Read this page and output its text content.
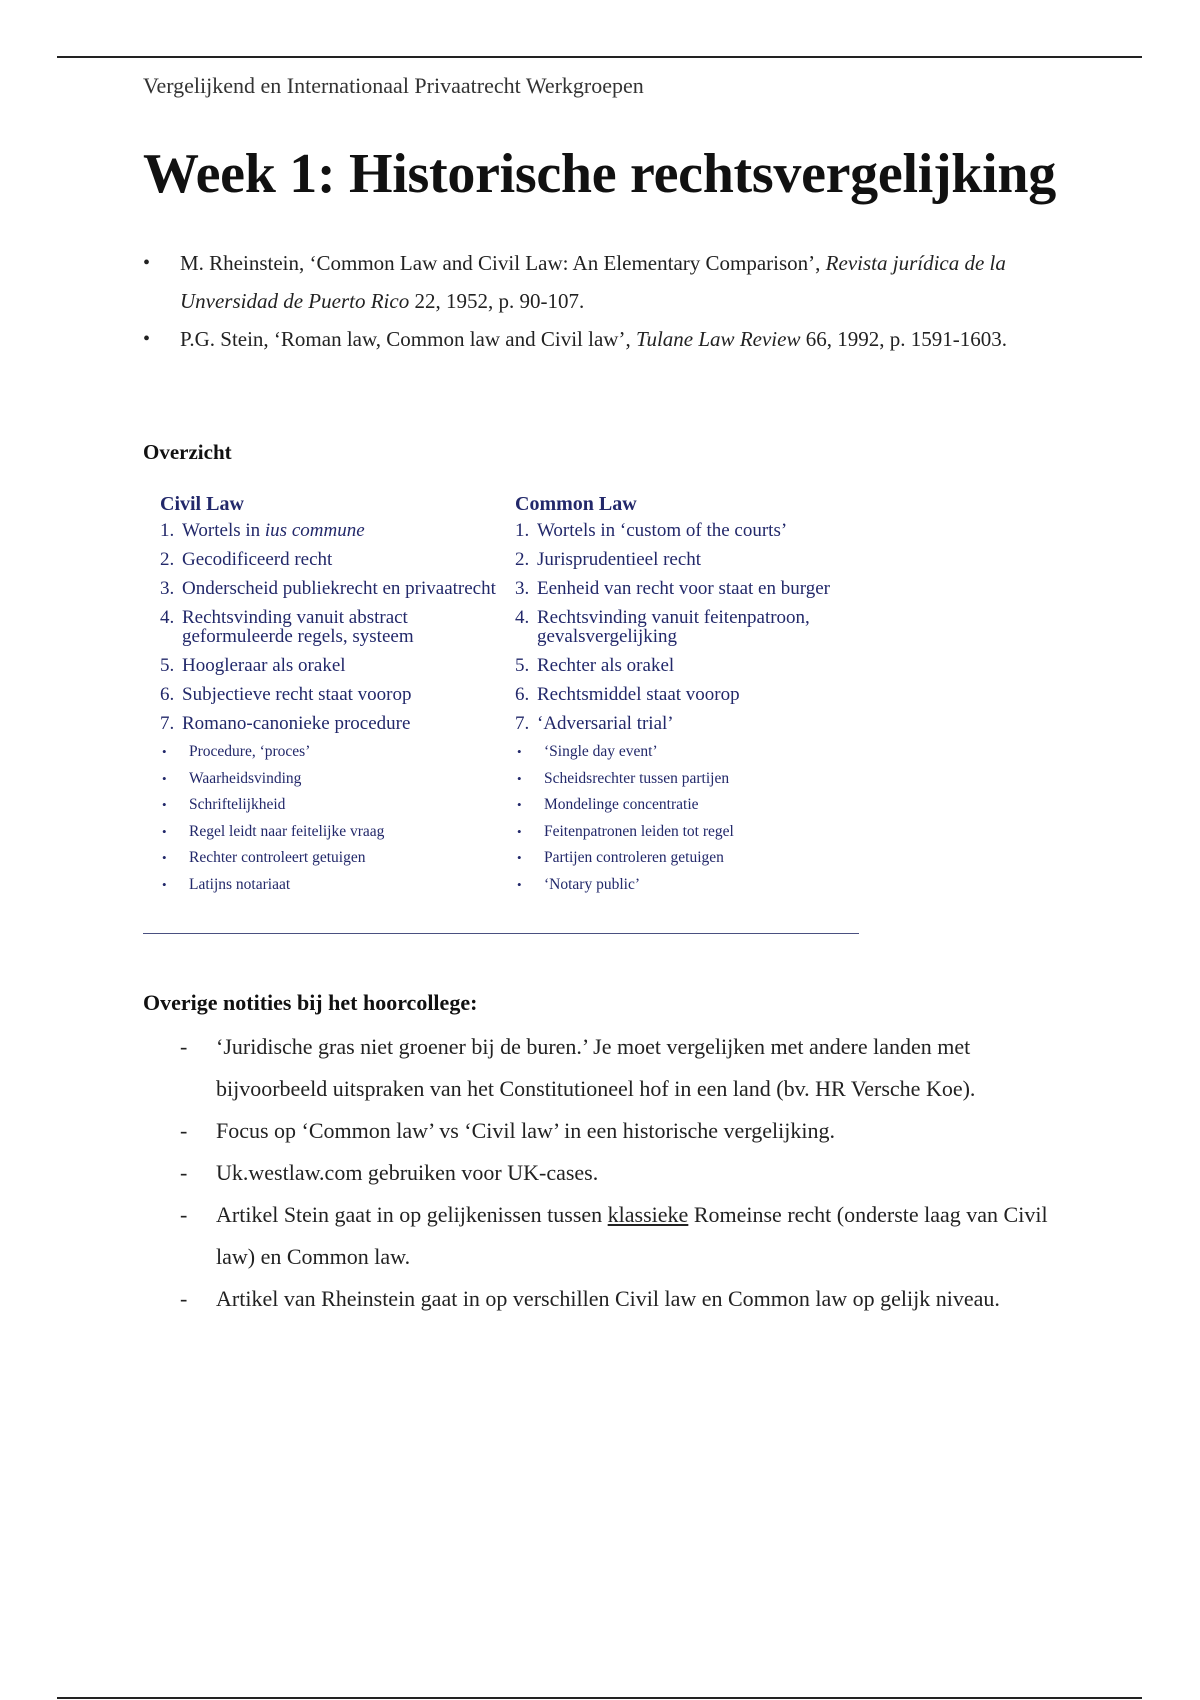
Vergelijkend en Internationaal Privaatrecht Werkgroepen
Week 1: Historische rechtsvergelijking
• M. Rheinstein, ‘Common Law and Civil Law: An Elementary Comparison’, Revista jurídica de la Unversidad de Puerto Rico 22, 1952, p. 90-107.
• P.G. Stein, ‘Roman law, Common law and Civil law’, Tulane Law Review 66, 1992, p. 1591-1603.
Overzicht
Civil Law
1. Wortels in ius commune
2. Gecodificeerd recht
3. Onderscheid publiekrecht en privaatrecht
4. Rechtsvinding vanuit abstract geformuleerde regels, systeem
5. Hoogleraar als orakel
6. Subjectieve recht staat voorop
7. Romano-canonieke procedure
• Procedure, ‘proces’
• Waarheidsvinding
• Schriftelijkheid
• Regel leidt naar feitelijke vraag
• Rechter controleert getuigen
• Latijns notariaat
Common Law
1. Wortels in ‘custom of the courts’
2. Jurisprudentieel recht
3. Eenheid van recht voor staat en burger
4. Rechtsvinding vanuit feitenpatroon, gevalsvergelijking
5. Rechter als orakel
6. Rechtsmiddel staat voorop
7. ‘Adversarial trial’
• ‘Single day event’
• Scheidsrechter tussen partijen
• Mondelinge concentratie
• Feitenpatronen leiden tot regel
• Partijen controleren getuigen
• ‘Notary public’
Overige notities bij het hoorcollege:
- ‘Juridische gras niet groener bij de buren.’ Je moet vergelijken met andere landen met bijvoorbeeld uitspraken van het Constitutioneel hof in een land (bv. HR Versche Koe).
- Focus op ‘Common law’ vs ‘Civil law’ in een historische vergelijking.
- Uk.westlaw.com gebruiken voor UK-cases.
- Artikel Stein gaat in op gelijkenissen tussen klassieke Romeinse recht (onderste laag van Civil law) en Common law.
- Artikel van Rheinstein gaat in op verschillen Civil law en Common law op gelijk niveau.
